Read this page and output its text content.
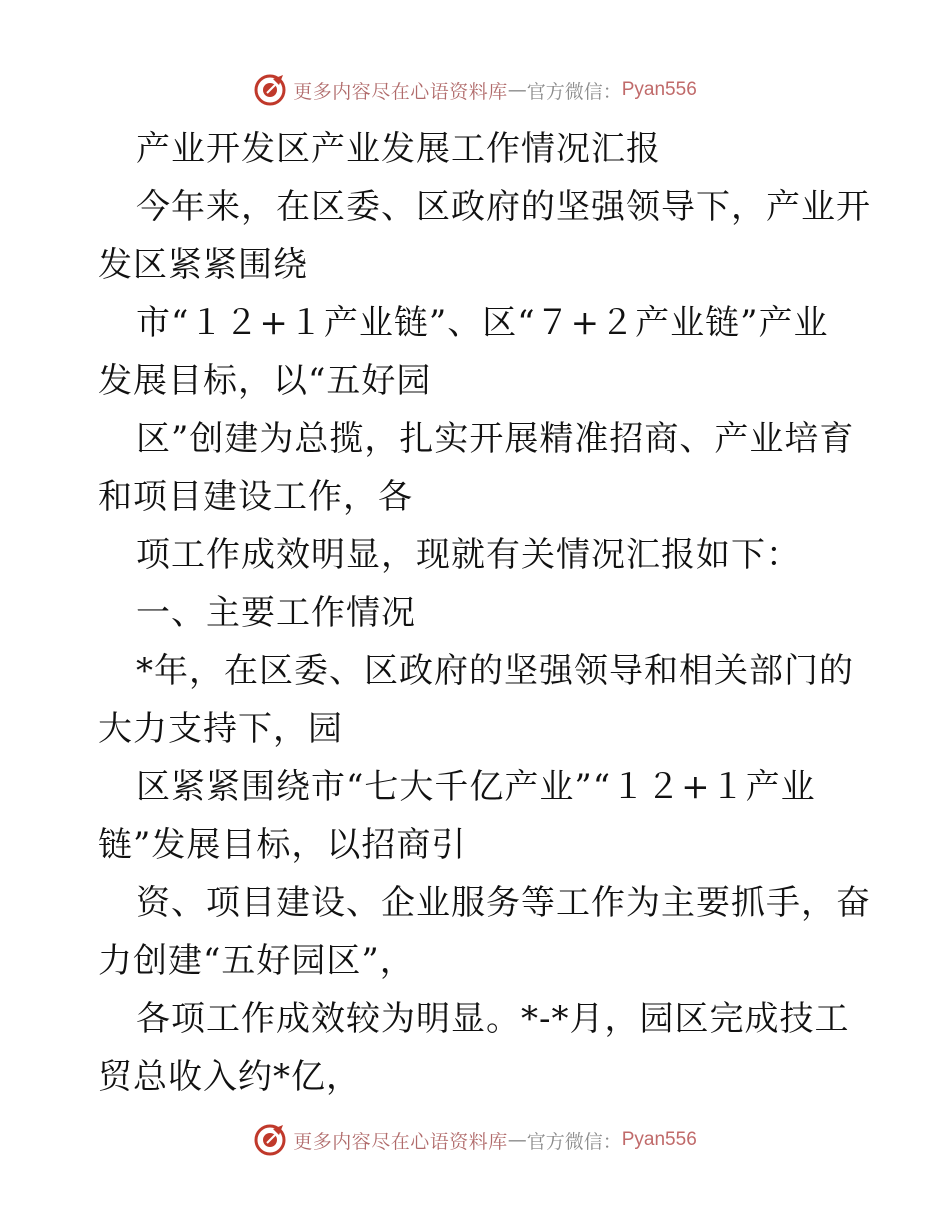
更多内容尽在心语资料库 — 官方微信： Pyan556
产业开发区产业发展工作情况汇报
今年来，在区委、区政府的坚强领导下，产业开
发区紧紧围绕
市“１２+１产业链”、区“７+２产业链”产业
发展目标，以“五好园
区”创建为总揽，扎实开展精准招商、产业培育
和项目建设工作，各
项工作成效明显，现就有关情况汇报如下：
一、主要工作情况
*年，在区委、区政府的坚强领导和相关部门的
大力支持下，园
区紧紧围绕市“七大千亿产业”“１２+１产业
链”发展目标，以招商引
资、项目建设、企业服务等工作为主要抓手，奋
力创建“五好园区”，
各项工作成效较为明显。*-*月，园区完成技工
贸总收入约*亿，
更多内容尽在心语资料库 — 官方微信： Pyan556
